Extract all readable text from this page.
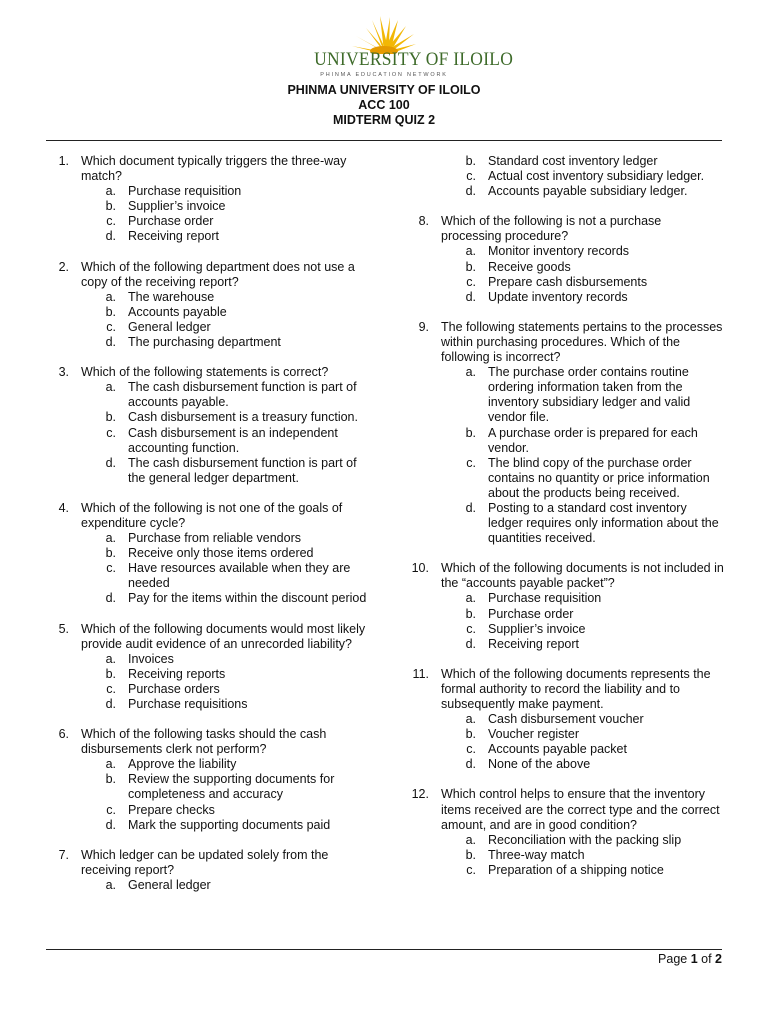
UNIVERSITY OF ILOILO
PHINMA EDUCATION NETWORK
PHINMA UNIVERSITY OF ILOILO
ACC 100
MIDTERM QUIZ 2
1. Which document typically triggers the three-way match?
a. Purchase requisition
b. Supplier’s invoice
c. Purchase order
d. Receiving report
2. Which of the following department does not use a copy of the receiving report?
a. The warehouse
b. Accounts payable
c. General ledger
d. The purchasing department
3. Which of the following statements is correct?
a. The cash disbursement function is part of accounts payable.
b. Cash disbursement is a treasury function.
c. Cash disbursement is an independent accounting function.
d. The cash disbursement function is part of the general ledger department.
4. Which of the following is not one of the goals of expenditure cycle?
a. Purchase from reliable vendors
b. Receive only those items ordered
c. Have resources available when they are needed
d. Pay for the items within the discount period
5. Which of the following documents would most likely provide audit evidence of an unrecorded liability?
a. Invoices
b. Receiving reports
c. Purchase orders
d. Purchase requisitions
6. Which of the following tasks should the cash disbursements clerk not perform?
a. Approve the liability
b. Review the supporting documents for completeness and accuracy
c. Prepare checks
d. Mark the supporting documents paid
7. Which ledger can be updated solely from the receiving report?
a. General ledger
b. Standard cost inventory ledger
c. Actual cost inventory subsidiary ledger.
d. Accounts payable subsidiary ledger.
8. Which of the following is not a purchase processing procedure?
a. Monitor inventory records
b. Receive goods
c. Prepare cash disbursements
d. Update inventory records
9. The following statements pertains to the processes within purchasing procedures. Which of the following is incorrect?
a. The purchase order contains routine ordering information taken from the inventory subsidiary ledger and valid vendor file.
b. A purchase order is prepared for each vendor.
c. The blind copy of the purchase order contains no quantity or price information about the products being received.
d. Posting to a standard cost inventory ledger requires only information about the quantities received.
10. Which of the following documents is not included in the “accounts payable packet”?
a. Purchase requisition
b. Purchase order
c. Supplier’s invoice
d. Receiving report
11. Which of the following documents represents the formal authority to record the liability and to subsequently make payment.
a. Cash disbursement voucher
b. Voucher register
c. Accounts payable packet
d. None of the above
12. Which control helps to ensure that the inventory items received are the correct type and the correct amount, and are in good condition?
a. Reconciliation with the packing slip
b. Three-way match
c. Preparation of a shipping notice
Page 1 of 2
